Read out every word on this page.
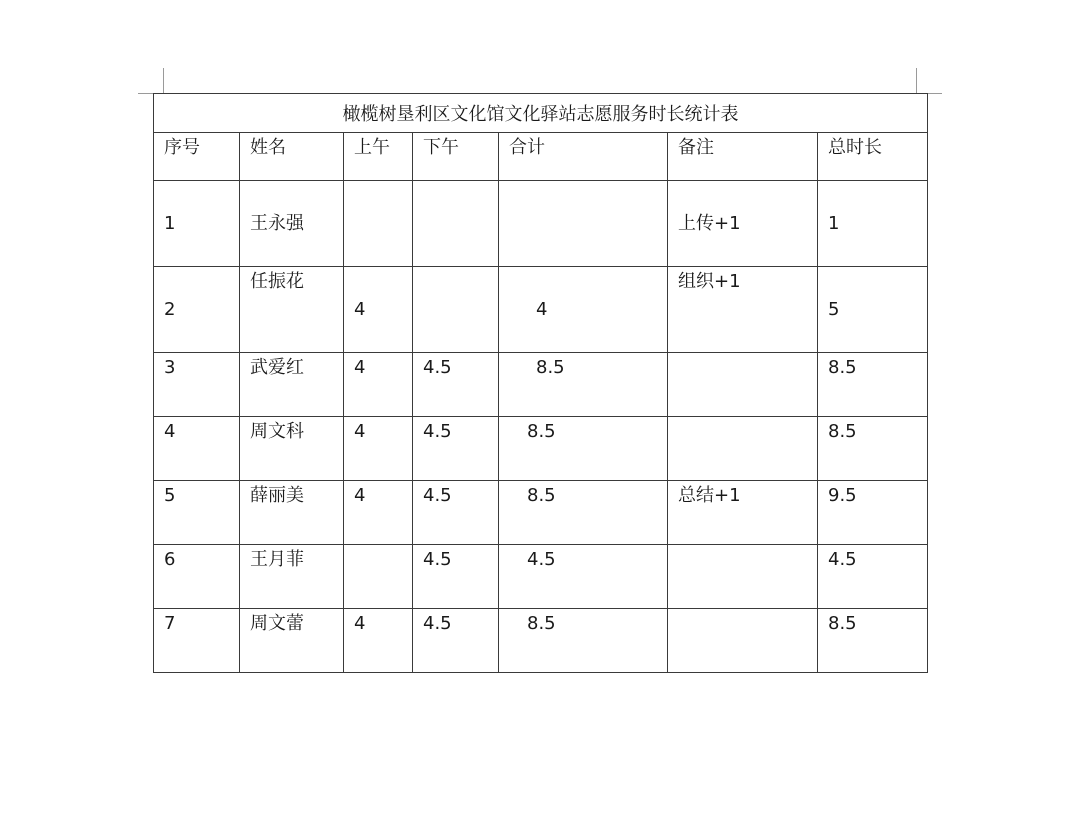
橄榄树垦利区文化馆文化驿站志愿服务时长统计表						

序号	姓名	上午	下午	合计	备注	总时长

1	王永强				上传+1	1

2	任振花	4		4	组织+1	5

3	武爱红	4	4.5	8.5		8.5

4	周文科	4	4.5	8.5		8.5

5	薛丽美	4	4.5	8.5	总结+1	9.5

6	王月菲		4.5	4.5		4.5

7	周文蕾	4	4.5	8.5		8.5
